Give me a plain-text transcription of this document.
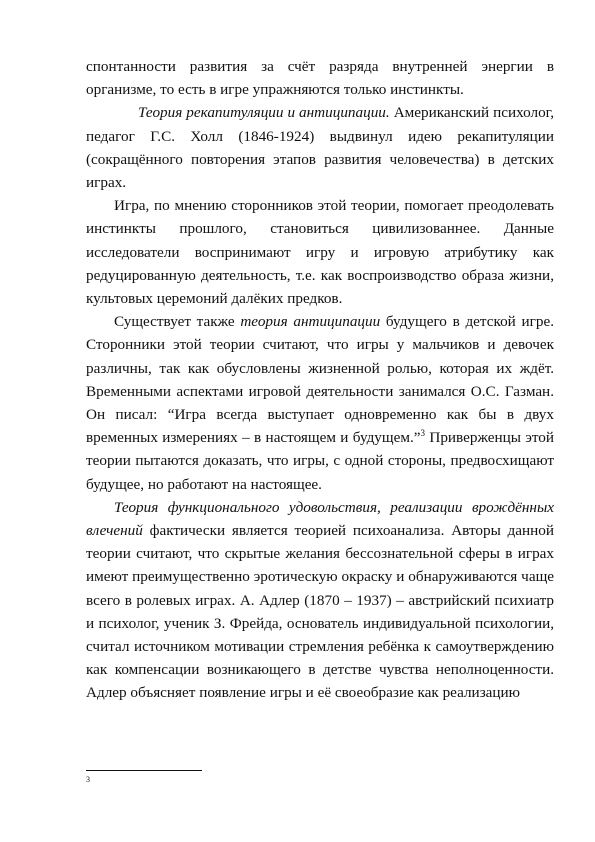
спонтанности развития за счёт разряда внутренней энергии в организме, то есть в игре упражняются только инстинкты.

Теория рекапитуляции и антиципации. Американский психолог, педагог Г.С. Холл (1846-1924) выдвинул идею рекапитуляции (сокращённого повторения этапов развития человечества) в детских играх.

Игра, по мнению сторонников этой теории, помогает преодолевать инстинкты прошлого, становиться цивилизованнее. Данные исследователи воспринимают игру и игровую атрибутику как редуцированную деятельность, т.е. как воспроизводство образа жизни, культовых церемоний далёких предков.

Существует также теория антиципации будущего в детской игре. Сторонники этой теории считают, что игры у мальчиков и девочек различны, так как обусловлены жизненной ролью, которая их ждёт. Временными аспектами игровой деятельности занимался О.С. Газман. Он писал: “Игра всегда выступает одновременно как бы в двух временных измерениях – в настоящем и будущем.”$^3$ Приверженцы этой теории пытаются доказать, что игры, с одной стороны, предвосхищают будущее, но работают на настоящее.

Теория функционального удовольствия, реализации врождённых влечений фактически является теорией психоанализа. Авторы данной теории считают, что скрытые желания бессознательной сферы в играх имеют преимущественно эротическую окраску и обнаруживаются чаще всего в ролевых играх. А. Адлер (1870 – 1937) – австрийский психиатр и психолог, ученик З. Фрейда, основатель индивидуальной психологии, считал источником мотивации стремления ребёнка к самоутверждению как компенсации возникающего в детстве чувства неполноценности. Адлер объясняет появление игры и её своеобразие как реализацию

3
